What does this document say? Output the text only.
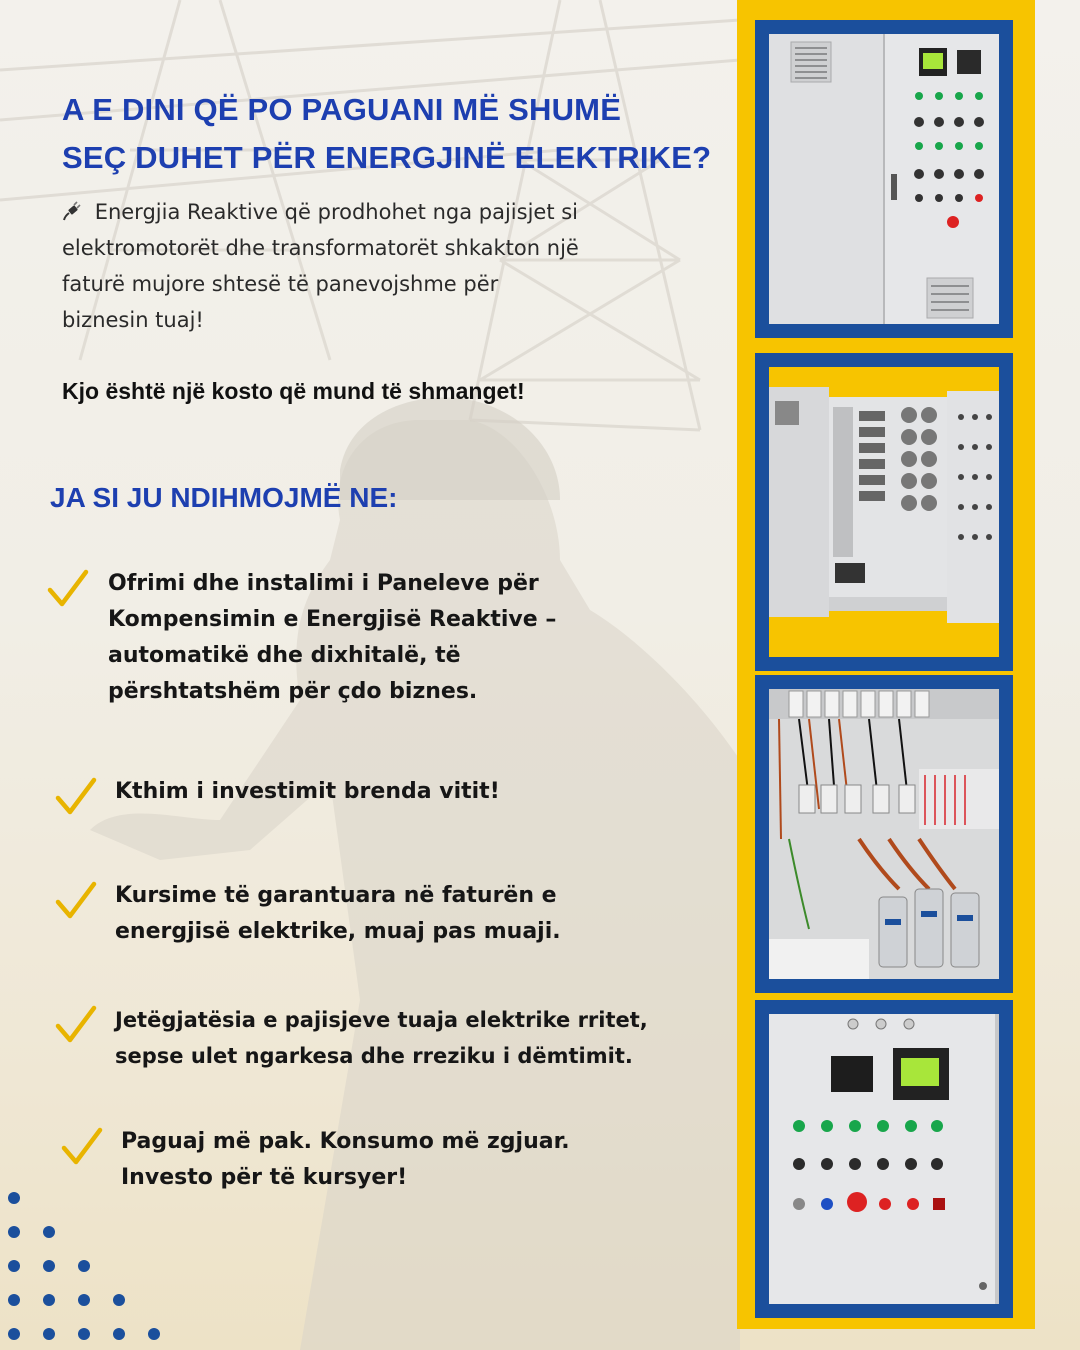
A E DINI QË PO PAGUANI MË SHUMË
SEÇ DUHET PËR ENERGJINË ELEKTRIKE?
Energjia Reaktive që prodhohet nga pajisjet si elektromotorët dhe transformatorët shkakton një faturë mujore shtesë të panevojshme për biznesin tuaj!
Kjo është një kosto që mund të shmanget!
JA SI JU NDIHMOJMË NE:
Ofrimi dhe instalimi i Paneleve për
Kompensimin e Energjisë Reaktive –
automatikë dhe dixhitalë, të
përshtatshëm për çdo biznes.
Kthim i investimit brenda vitit!
Kursime të garantuara në faturën e
energjisë elektrike, muaj pas muaji.
Jetëgjatësia e pajisjeve tuaja elektrike rritet,
sepse ulet ngarkesa dhe rreziku i dëmtimit.
Paguaj më pak. Konsumo më zgjuar.
Investo për të kursyer!
